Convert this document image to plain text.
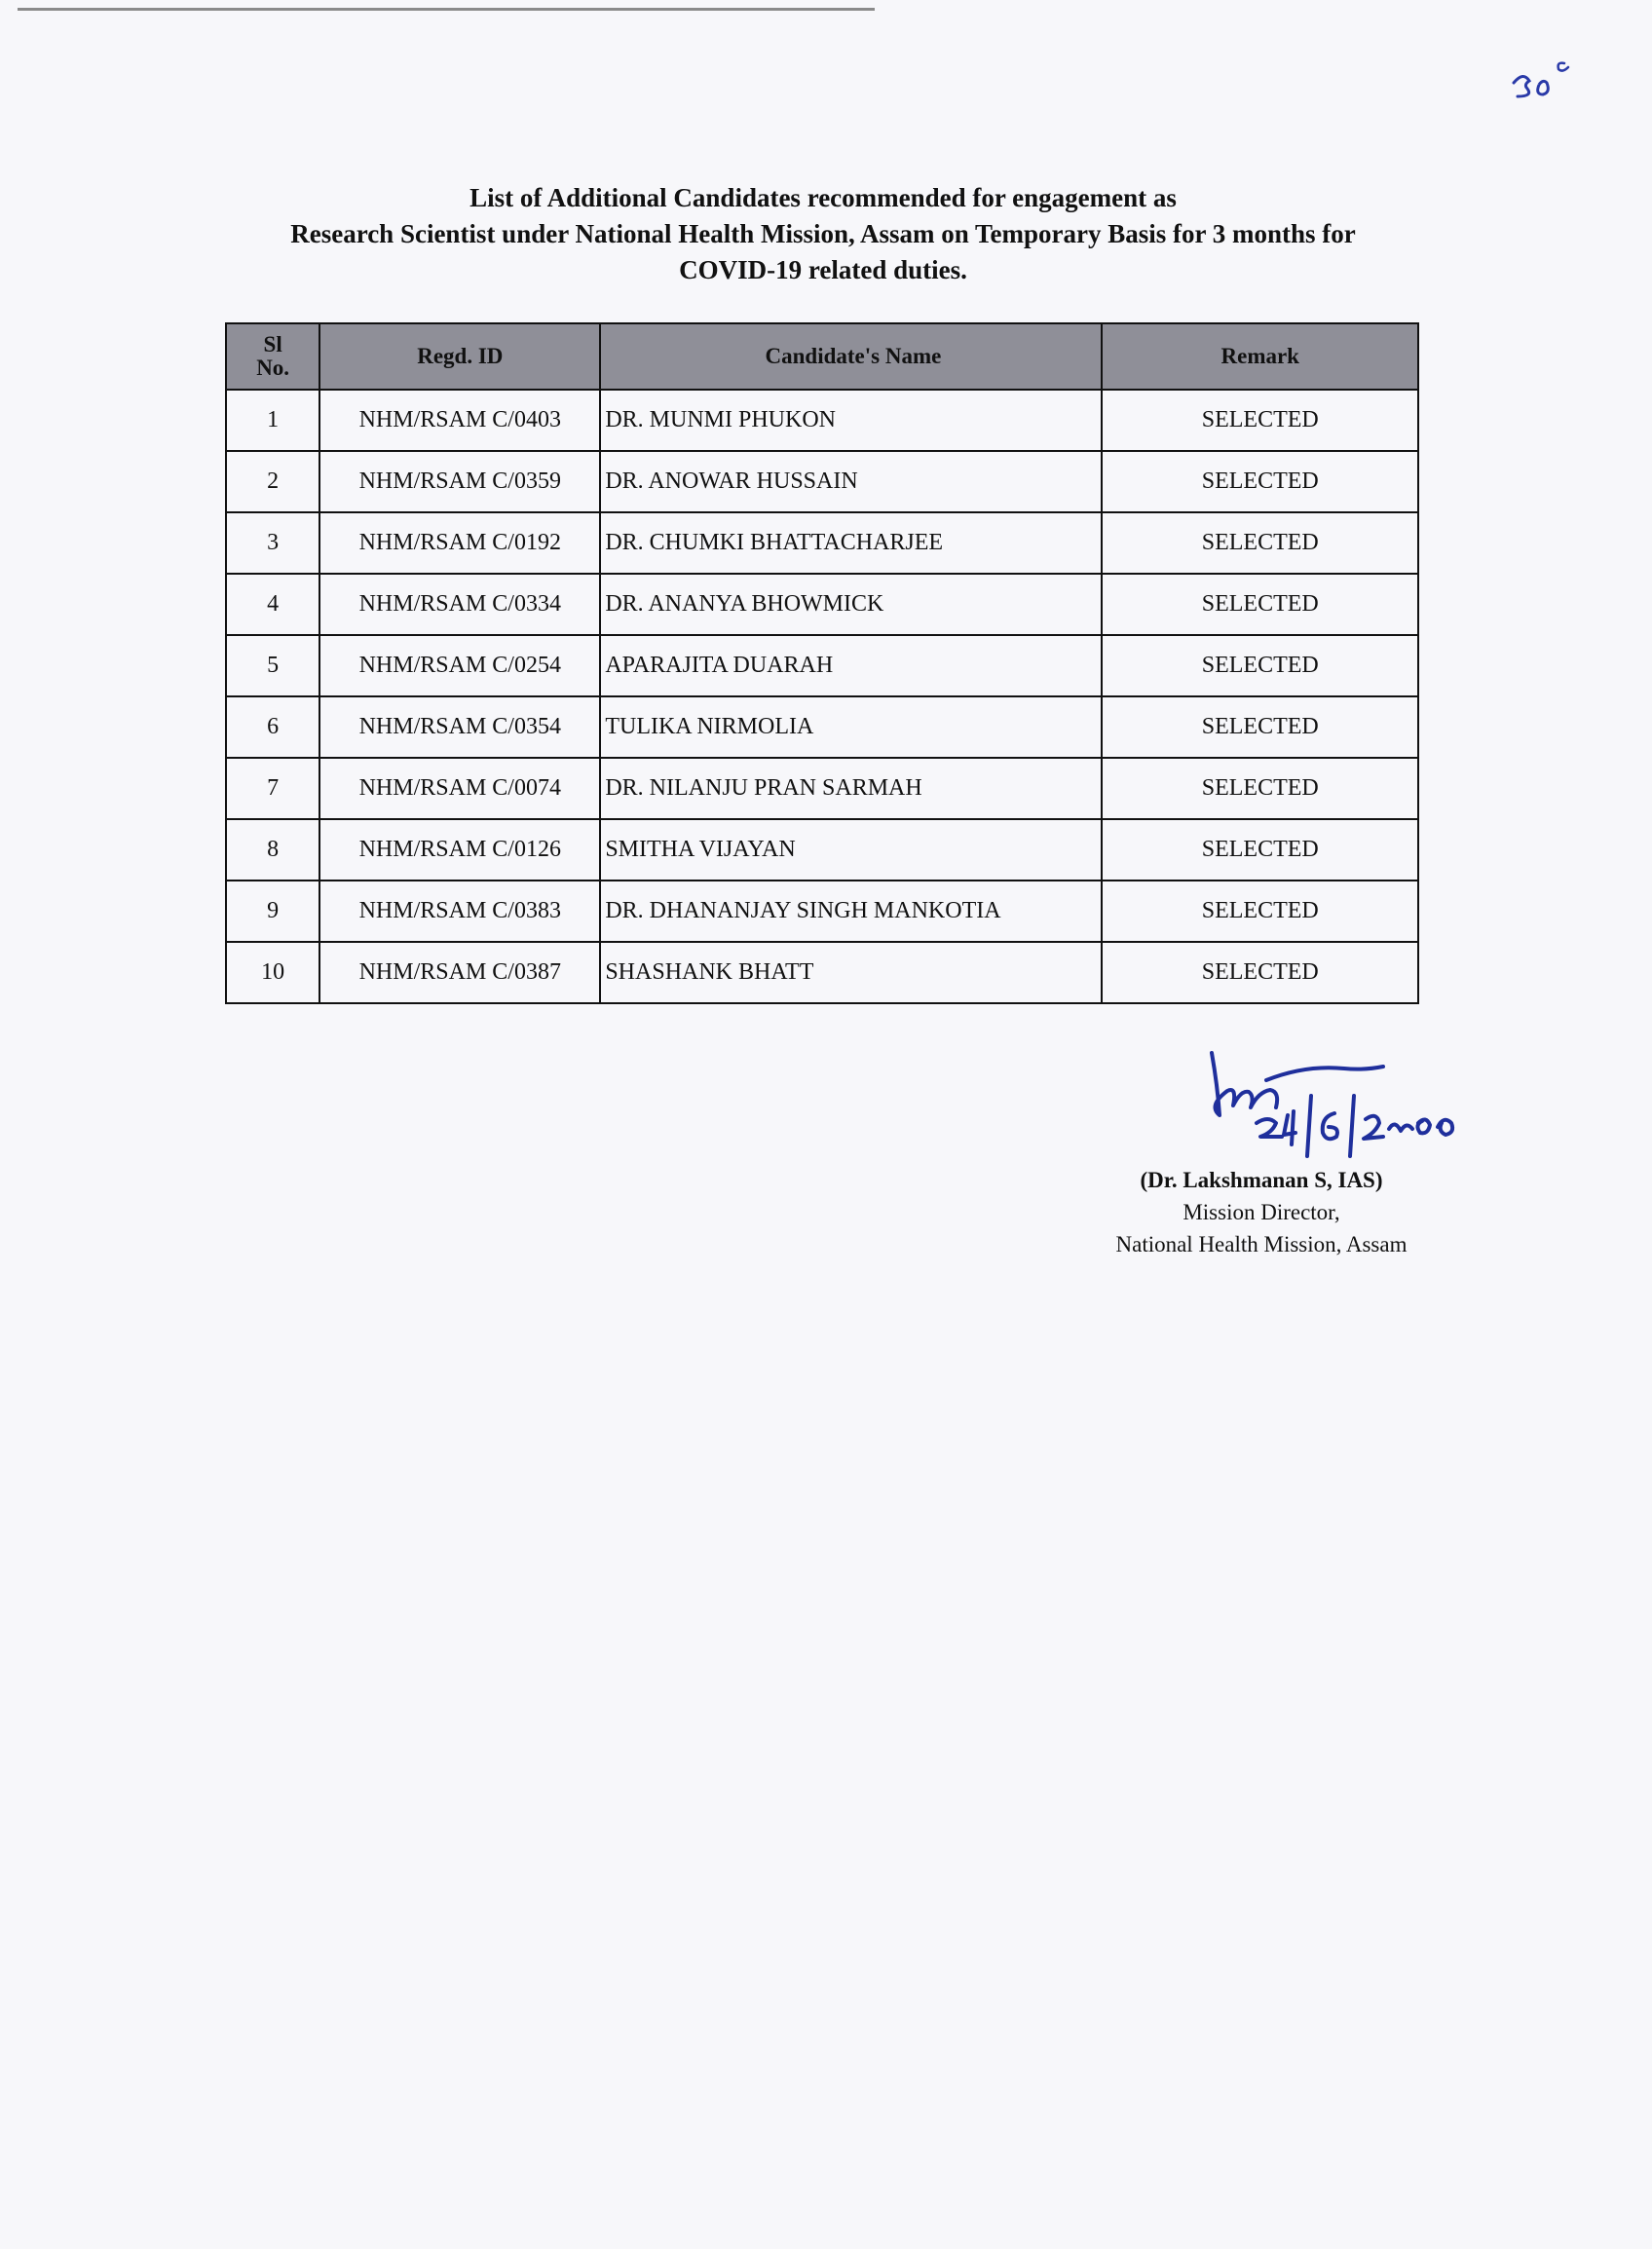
List of Additional Candidates recommended for engagement as
Research Scientist under National Health Mission, Assam on Temporary Basis for 3 months for
COVID-19 related duties.
Sl
No.	Regd. ID	Candidate's Name	Remark
1	NHM/RSAM C/0403	DR. MUNMI PHUKON	SELECTED
2	NHM/RSAM C/0359	DR. ANOWAR HUSSAIN	SELECTED
3	NHM/RSAM C/0192	DR. CHUMKI BHATTACHARJEE	SELECTED
4	NHM/RSAM C/0334	DR. ANANYA BHOWMICK	SELECTED
5	NHM/RSAM C/0254	APARAJITA DUARAH	SELECTED
6	NHM/RSAM C/0354	TULIKA NIRMOLIA	SELECTED
7	NHM/RSAM C/0074	DR. NILANJU PRAN SARMAH	SELECTED
8	NHM/RSAM C/0126	SMITHA VIJAYAN	SELECTED
9	NHM/RSAM C/0383	DR. DHANANJAY SINGH MANKOTIA	SELECTED
10	NHM/RSAM C/0387	SHASHANK BHATT	SELECTED
(Dr. Lakshmanan S, IAS)
Mission Director,
National Health Mission, Assam
